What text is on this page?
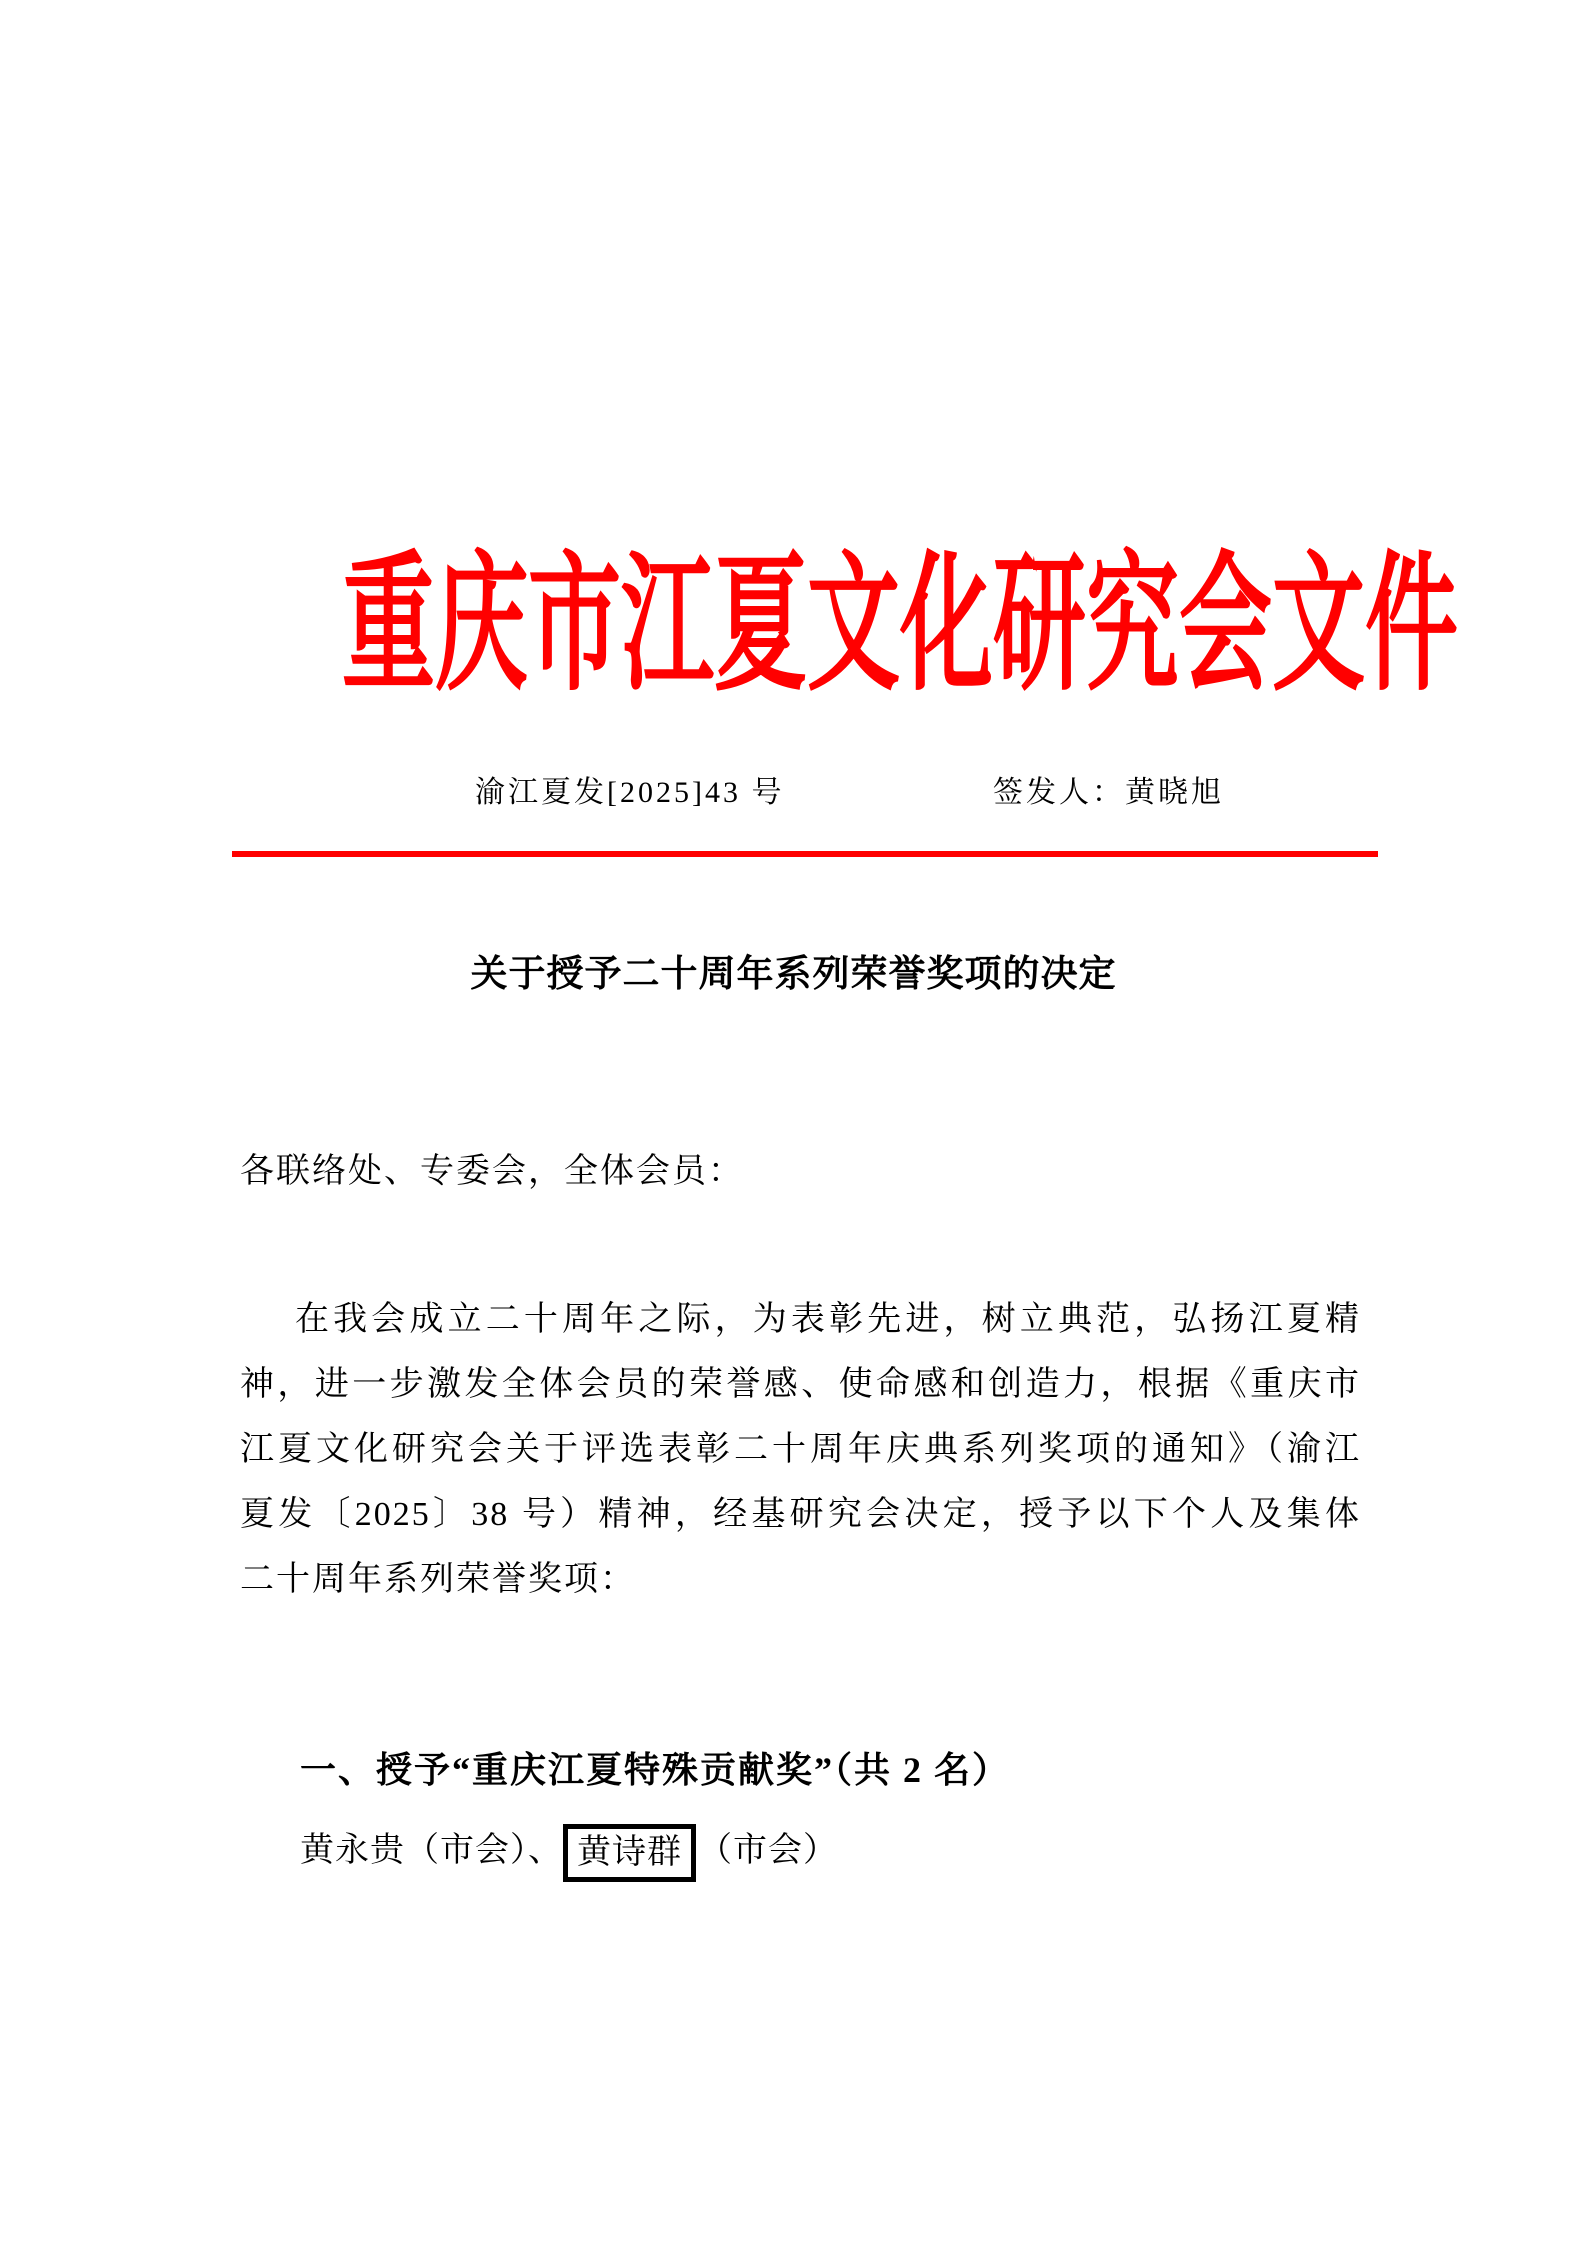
重庆市江夏文化研究会文件
渝江夏发[2025]43 号	签发人：黄晓旭
关于授予二十周年系列荣誉奖项的决定
各联络处、专委会，全体会员：
在我会成立二十周年之际，为表彰先进，树立典范，弘扬江夏精
神，进一步激发全体会员的荣誉感、使命感和创造力，根据《重庆市
江夏文化研究会关于评选表彰二十周年庆典系列奖项的通知》（渝江
夏发〔2025〕38 号）精神，经基研究会决定，授予以下个人及集体
二十周年系列荣誉奖项：
一、授予“重庆江夏特殊贡献奖”（共 2 名）
黄永贵（市会）、 黄诗群 （市会）
